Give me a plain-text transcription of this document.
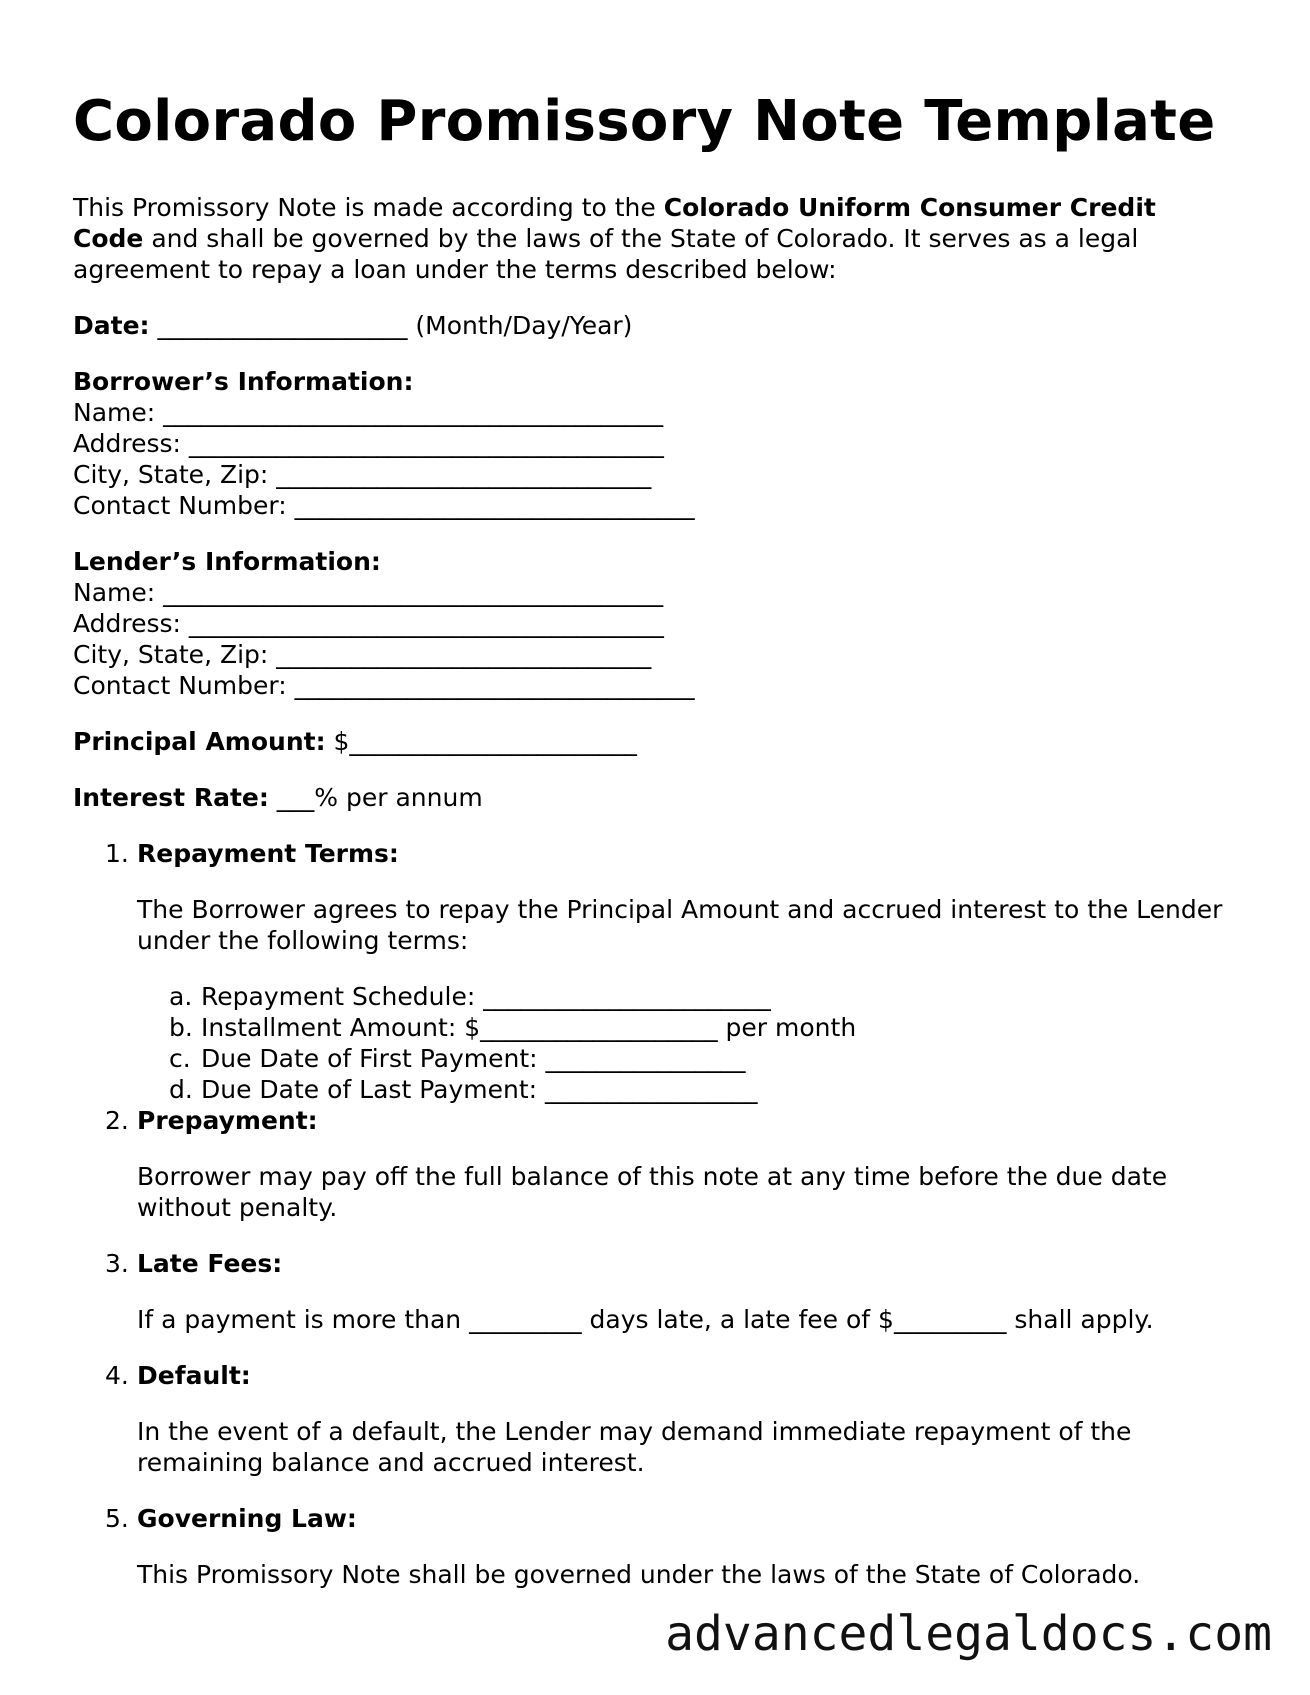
Colorado Promissory Note Template

This Promissory Note is made according to the Colorado Uniform Consumer Credit Code and shall be governed by the laws of the State of Colorado. It serves as a legal agreement to repay a loan under the terms described below:

Date: ____________________ (Month/Day/Year)

Borrower’s Information:
Name: ________________________________________
Address: ______________________________________
City, State, Zip: ______________________________
Contact Number: ________________________________
Lender’s Information:
Name: ________________________________________
Address: ______________________________________
City, State, Zip: ______________________________
Contact Number: ________________________________

Principal Amount: $_______________________

Interest Rate: ___% per annum

1. Repayment Terms:

The Borrower agrees to repay the Principal Amount and accrued interest to the Lender under the following terms:

a. Repayment Schedule: _______________________
b. Installment Amount: $___________________ per month
c. Due Date of First Payment: ________________
d. Due Date of Last Payment: _________________
2. Prepayment:

Borrower may pay off the full balance of this note at any time before the due date without penalty.

3. Late Fees:

If a payment is more than _________ days late, a late fee of $_________ shall apply.

4. Default:

In the event of a default, the Lender may demand immediate repayment of the remaining balance and accrued interest.

5. Governing Law:

This Promissory Note shall be governed under the laws of the State of Colorado.

advancedlegaldocs.com
